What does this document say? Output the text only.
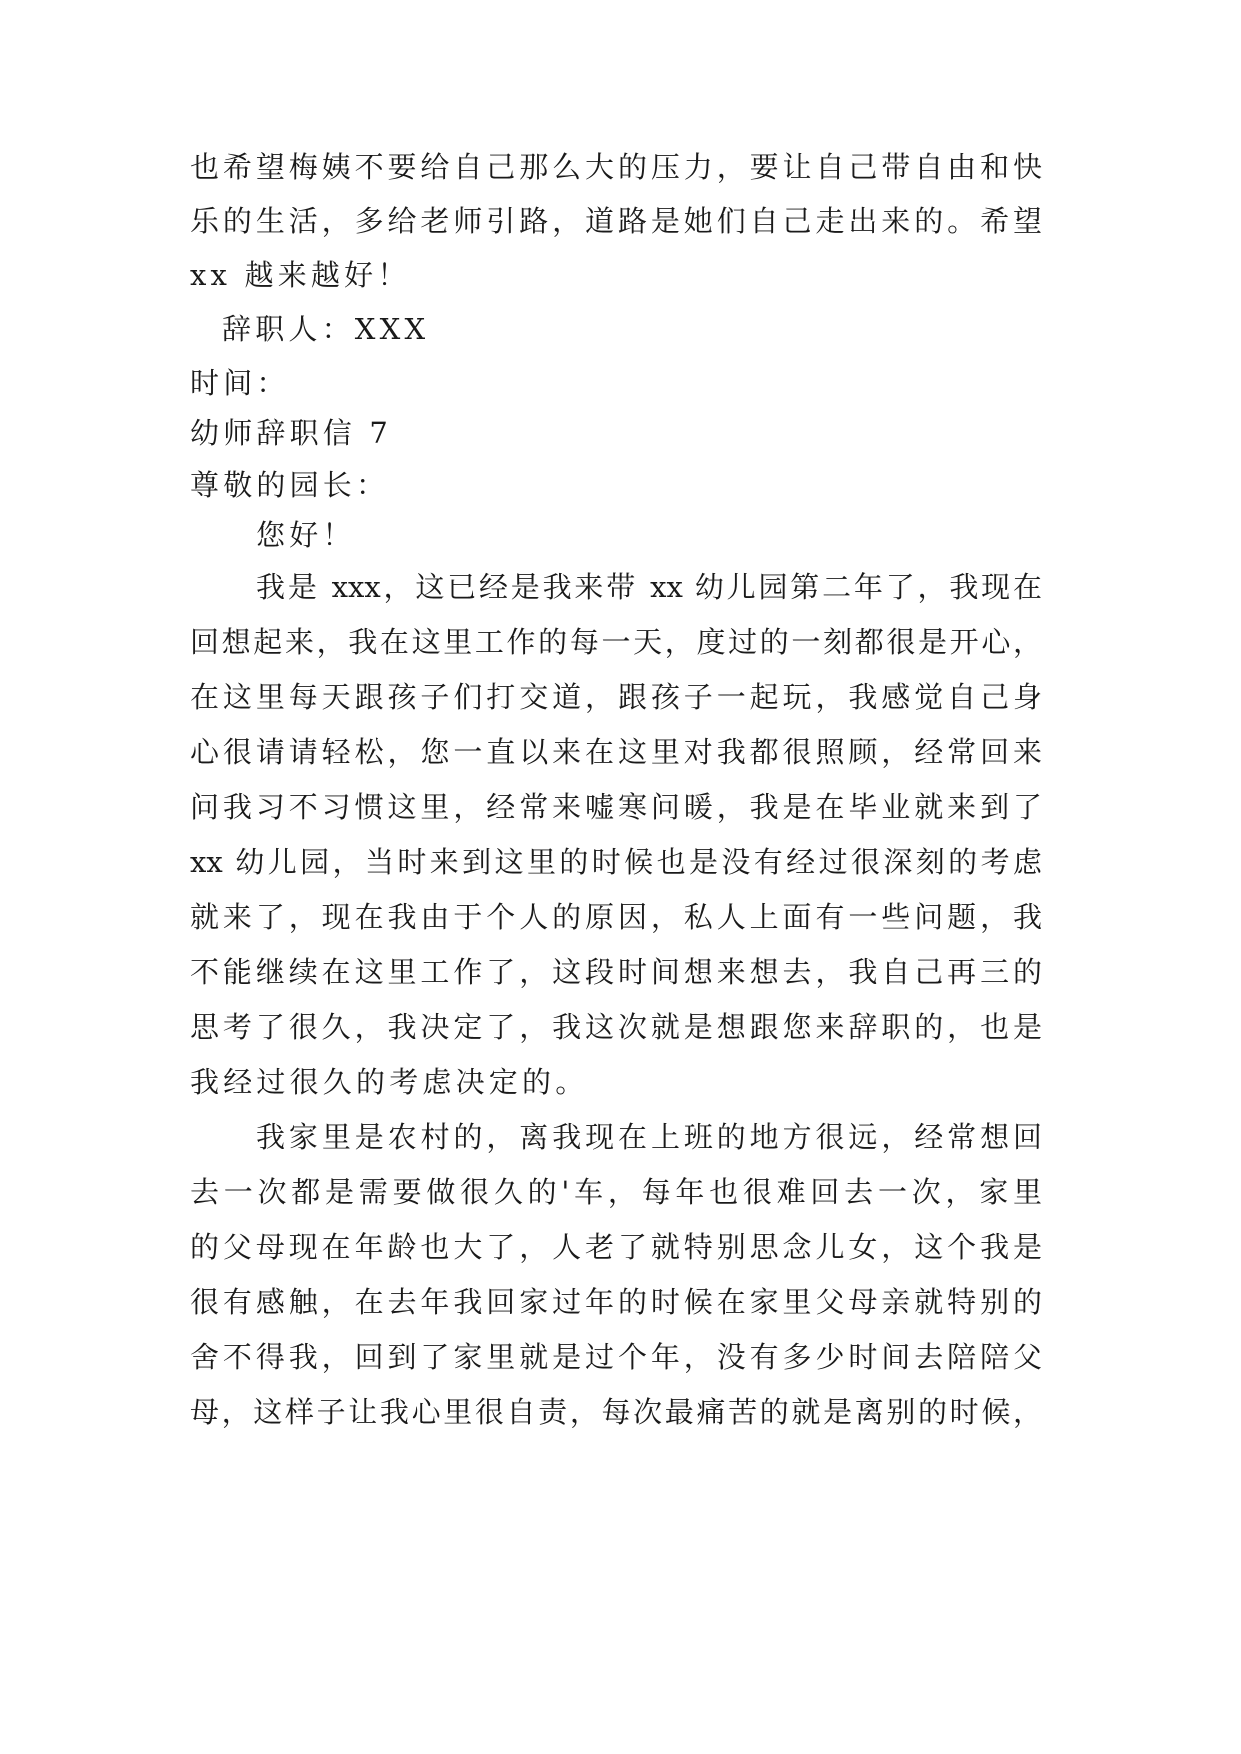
也希望梅姨不要给自己那么大的压力，要让自己带自由和快

乐的生活，多给老师引路，道路是她们自己走出来的。希望

xx 越来越好！

辞职人：XXX

时间：

幼师辞职信 7

尊敬的园长：

您好！

我是 xxx，这已经是我来带 xx 幼儿园第二年了，我现在

回想起来，我在这里工作的每一天，度过的一刻都很是开心，

在这里每天跟孩子们打交道，跟孩子一起玩，我感觉自己身

心很请请轻松，您一直以来在这里对我都很照顾，经常回来

问我习不习惯这里，经常来嘘寒问暖，我是在毕业就来到了

xx 幼儿园，当时来到这里的时候也是没有经过很深刻的考虑

就来了，现在我由于个人的原因，私人上面有一些问题，我

不能继续在这里工作了，这段时间想来想去，我自己再三的

思考了很久，我决定了，我这次就是想跟您来辞职的，也是

我经过很久的考虑决定的。

我家里是农村的，离我现在上班的地方很远，经常想回

去一次都是需要做很久的'车，每年也很难回去一次，家里

的父母现在年龄也大了，人老了就特别思念儿女，这个我是

很有感触，在去年我回家过年的时候在家里父母亲就特别的

舍不得我，回到了家里就是过个年，没有多少时间去陪陪父

母，这样子让我心里很自责，每次最痛苦的就是离别的时候，
